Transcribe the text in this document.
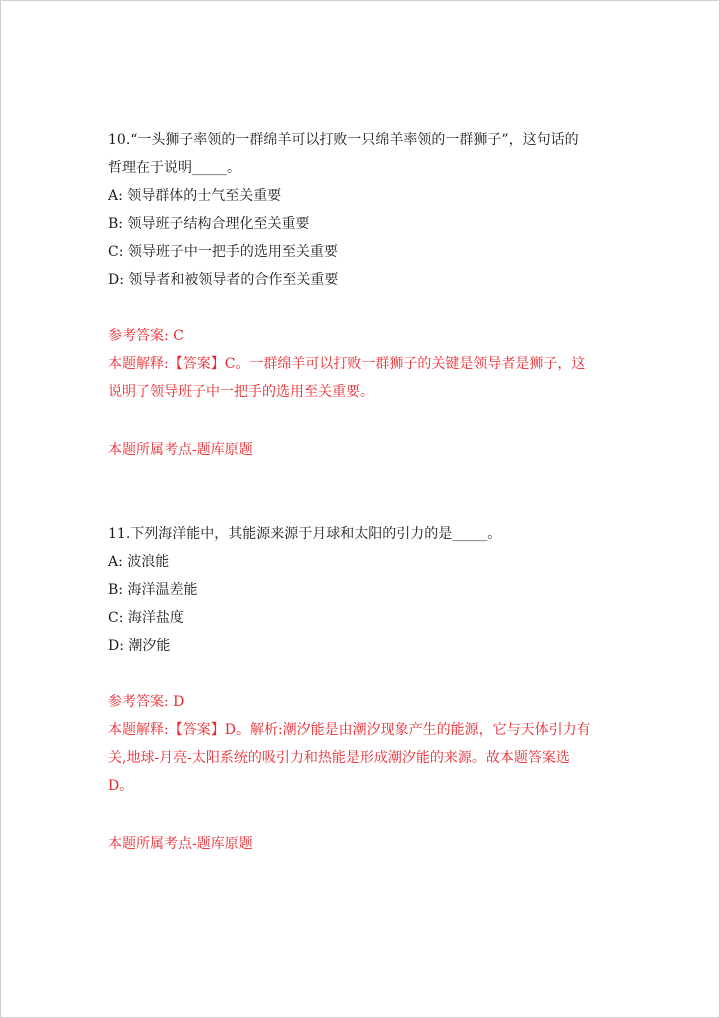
10.“一头狮子率领的一群绵羊可以打败一只绵羊率领的一群狮子”，这句话的
哲理在于说明_____。
A: 领导群体的士气至关重要
B: 领导班子结构合理化至关重要
C: 领导班子中一把手的选用至关重要
D: 领导者和被领导者的合作至关重要
参考答案: C
本题解释:【答案】C。一群绵羊可以打败一群狮子的关键是领导者是狮子，这
说明了领导班子中一把手的选用至关重要。
本题所属考点-题库原题
11.下列海洋能中，其能源来源于月球和太阳的引力的是_____。
A: 波浪能
B: 海洋温差能
C: 海洋盐度
D: 潮汐能
参考答案: D
本题解释:【答案】D。解析:潮汐能是由潮汐现象产生的能源，它与天体引力有
关,地球-月亮-太阳系统的吸引力和热能是形成潮汐能的来源。故本题答案选
D。
本题所属考点-题库原题
